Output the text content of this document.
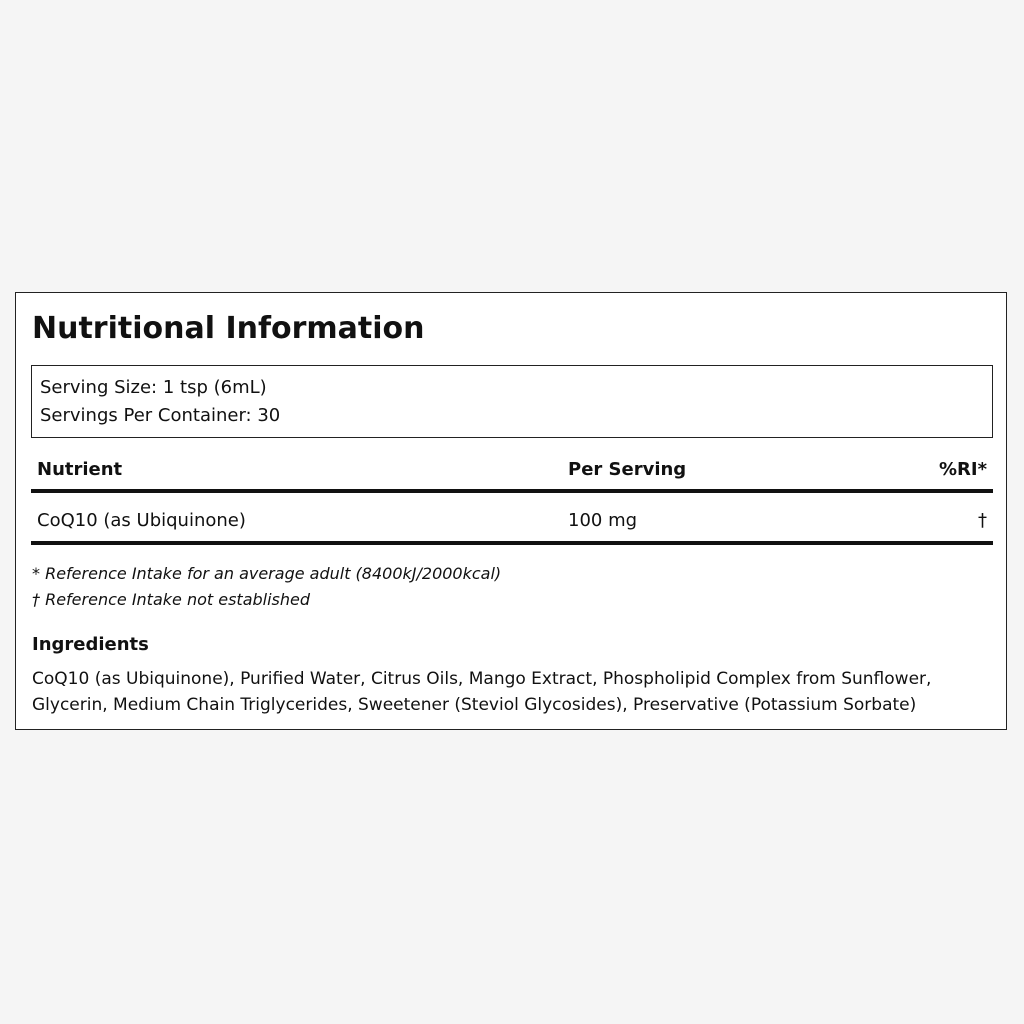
Nutritional Information
Serving Size: 1 tsp (6mL)
Servings Per Container: 30
Nutrient	Per Serving	%RI*
CoQ10 (as Ubiquinone)	100 mg	†
* Reference Intake for an average adult (8400kJ/2000kcal)
† Reference Intake not established
Ingredients

CoQ10 (as Ubiquinone), Purified Water, Citrus Oils, Mango Extract, Phospholipid Complex from Sunflower, Glycerin, Medium Chain Triglycerides, Sweetener (Steviol Glycosides), Preservative (Potassium Sorbate)
